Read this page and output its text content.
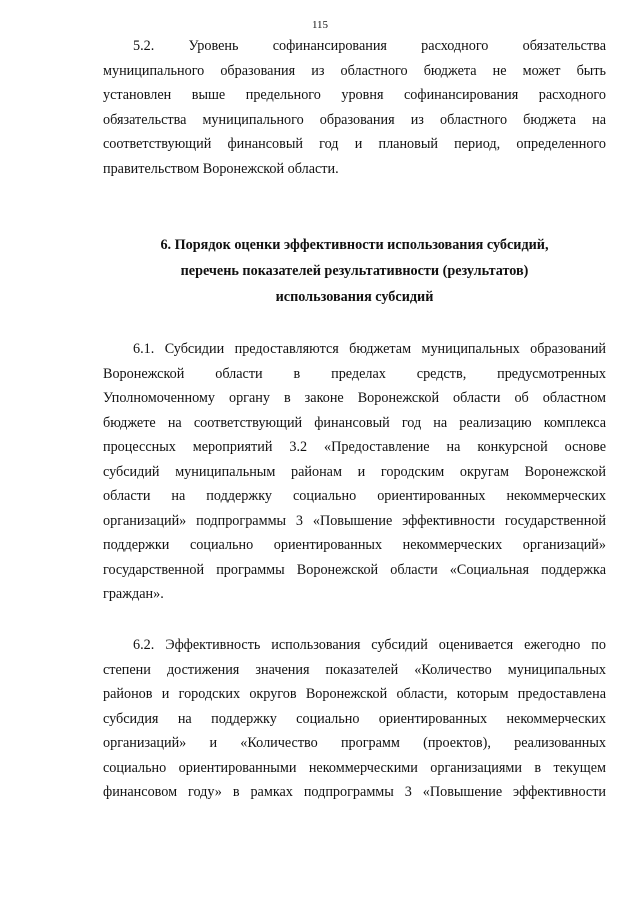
115
5.2. Уровень софинансирования расходного обязательства
муниципального образования из областного бюджета не может быть
установлен выше предельного уровня софинансирования расходного
обязательства муниципального образования из областного бюджета на
соответствующий финансовый год и плановый период, определенного
правительством Воронежской области.
6. Порядок оценки эффективности использования субсидий,
перечень показателей результативности (результатов)
использования субсидий
6.1. Субсидии предоставляются бюджетам муниципальных образований
Воронежской области в пределах средств, предусмотренных
Уполномоченному органу в законе Воронежской области об областном
бюджете на соответствующий финансовый год на реализацию комплекса
процессных мероприятий 3.2 «Предоставление на конкурсной основе
субсидий муниципальным районам и городским округам Воронежской
области на поддержку социально ориентированных некоммерческих
организаций» подпрограммы 3 «Повышение эффективности государственной
поддержки социально ориентированных некоммерческих организаций»
государственной программы Воронежской области «Социальная поддержка
граждан».
6.2. Эффективность использования субсидий оценивается ежегодно по
степени достижения значения показателей «Количество муниципальных
районов и городских округов Воронежской области, которым предоставлена
субсидия на поддержку социально ориентированных некоммерческих
организаций» и «Количество программ (проектов), реализованных
социально ориентированными некоммерческими организациями в текущем
финансовом году» в рамках подпрограммы 3 «Повышение эффективности
